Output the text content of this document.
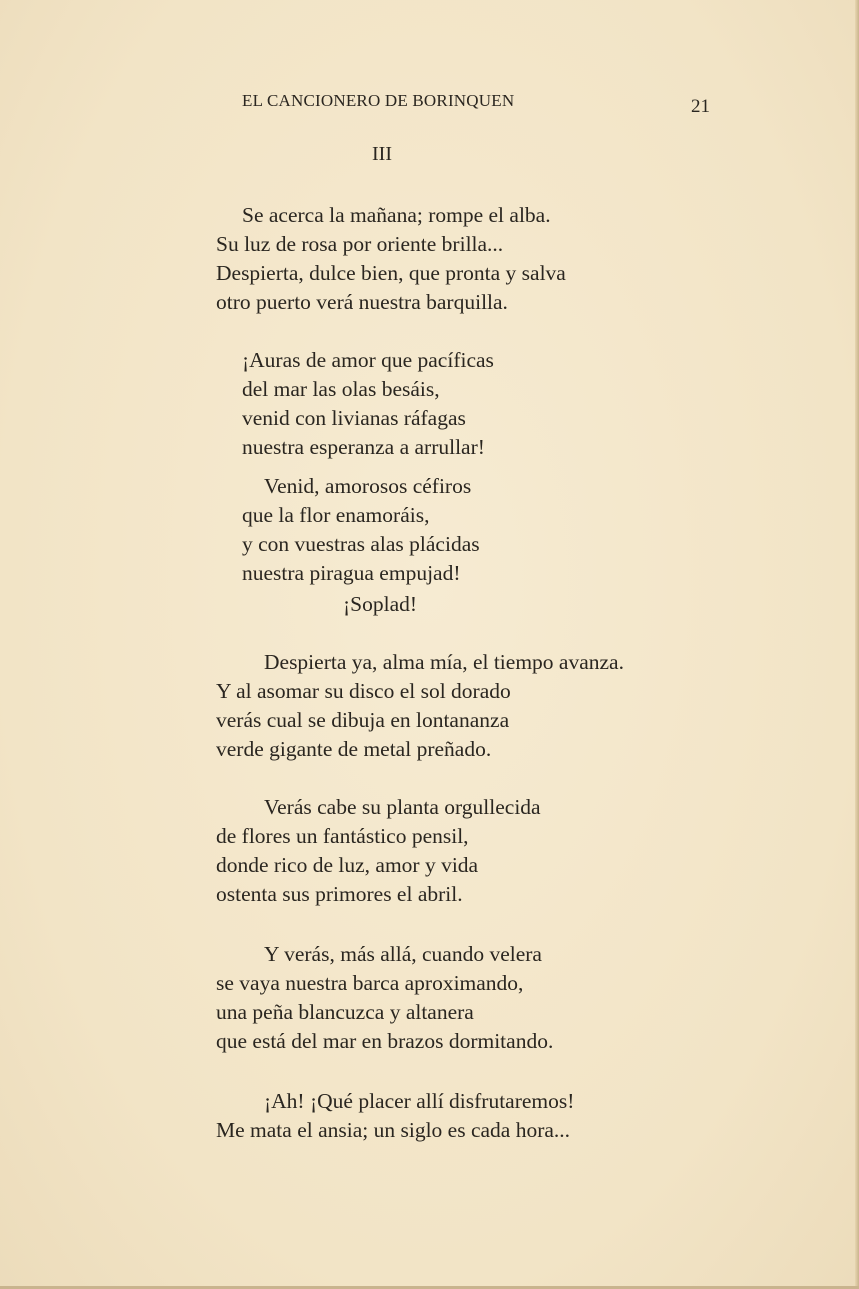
EL CANCIONERO DE BORINQUEN	21
III
Se acerca la mañana; rompe el alba.
Su luz de rosa por oriente brilla...
Despierta, dulce bien, que pronta y salva
otro puerto verá nuestra barquilla.
¡Auras de amor que pacíficas
del mar las olas besáis,
venid con livianas ráfagas
nuestra esperanza a arrullar!
Venid, amorosos céfiros
que la flor enamoráis,
y con vuestras alas plácidas
nuestra piragua empujad!
¡Soplad!
Despierta ya, alma mía, el tiempo avanza.
Y al asomar su disco el sol dorado
verás cual se dibuja en lontananza
verde gigante de metal preñado.
Verás cabe su planta orgullecida
de flores un fantástico pensil,
donde rico de luz, amor y vida
ostenta sus primores el abril.
Y verás, más allá, cuando velera
se vaya nuestra barca aproximando,
una peña blancuzca y altanera
que está del mar en brazos dormitando.
¡Ah! ¡Qué placer allí disfrutaremos!
Me mata el ansia; un siglo es cada hora...
